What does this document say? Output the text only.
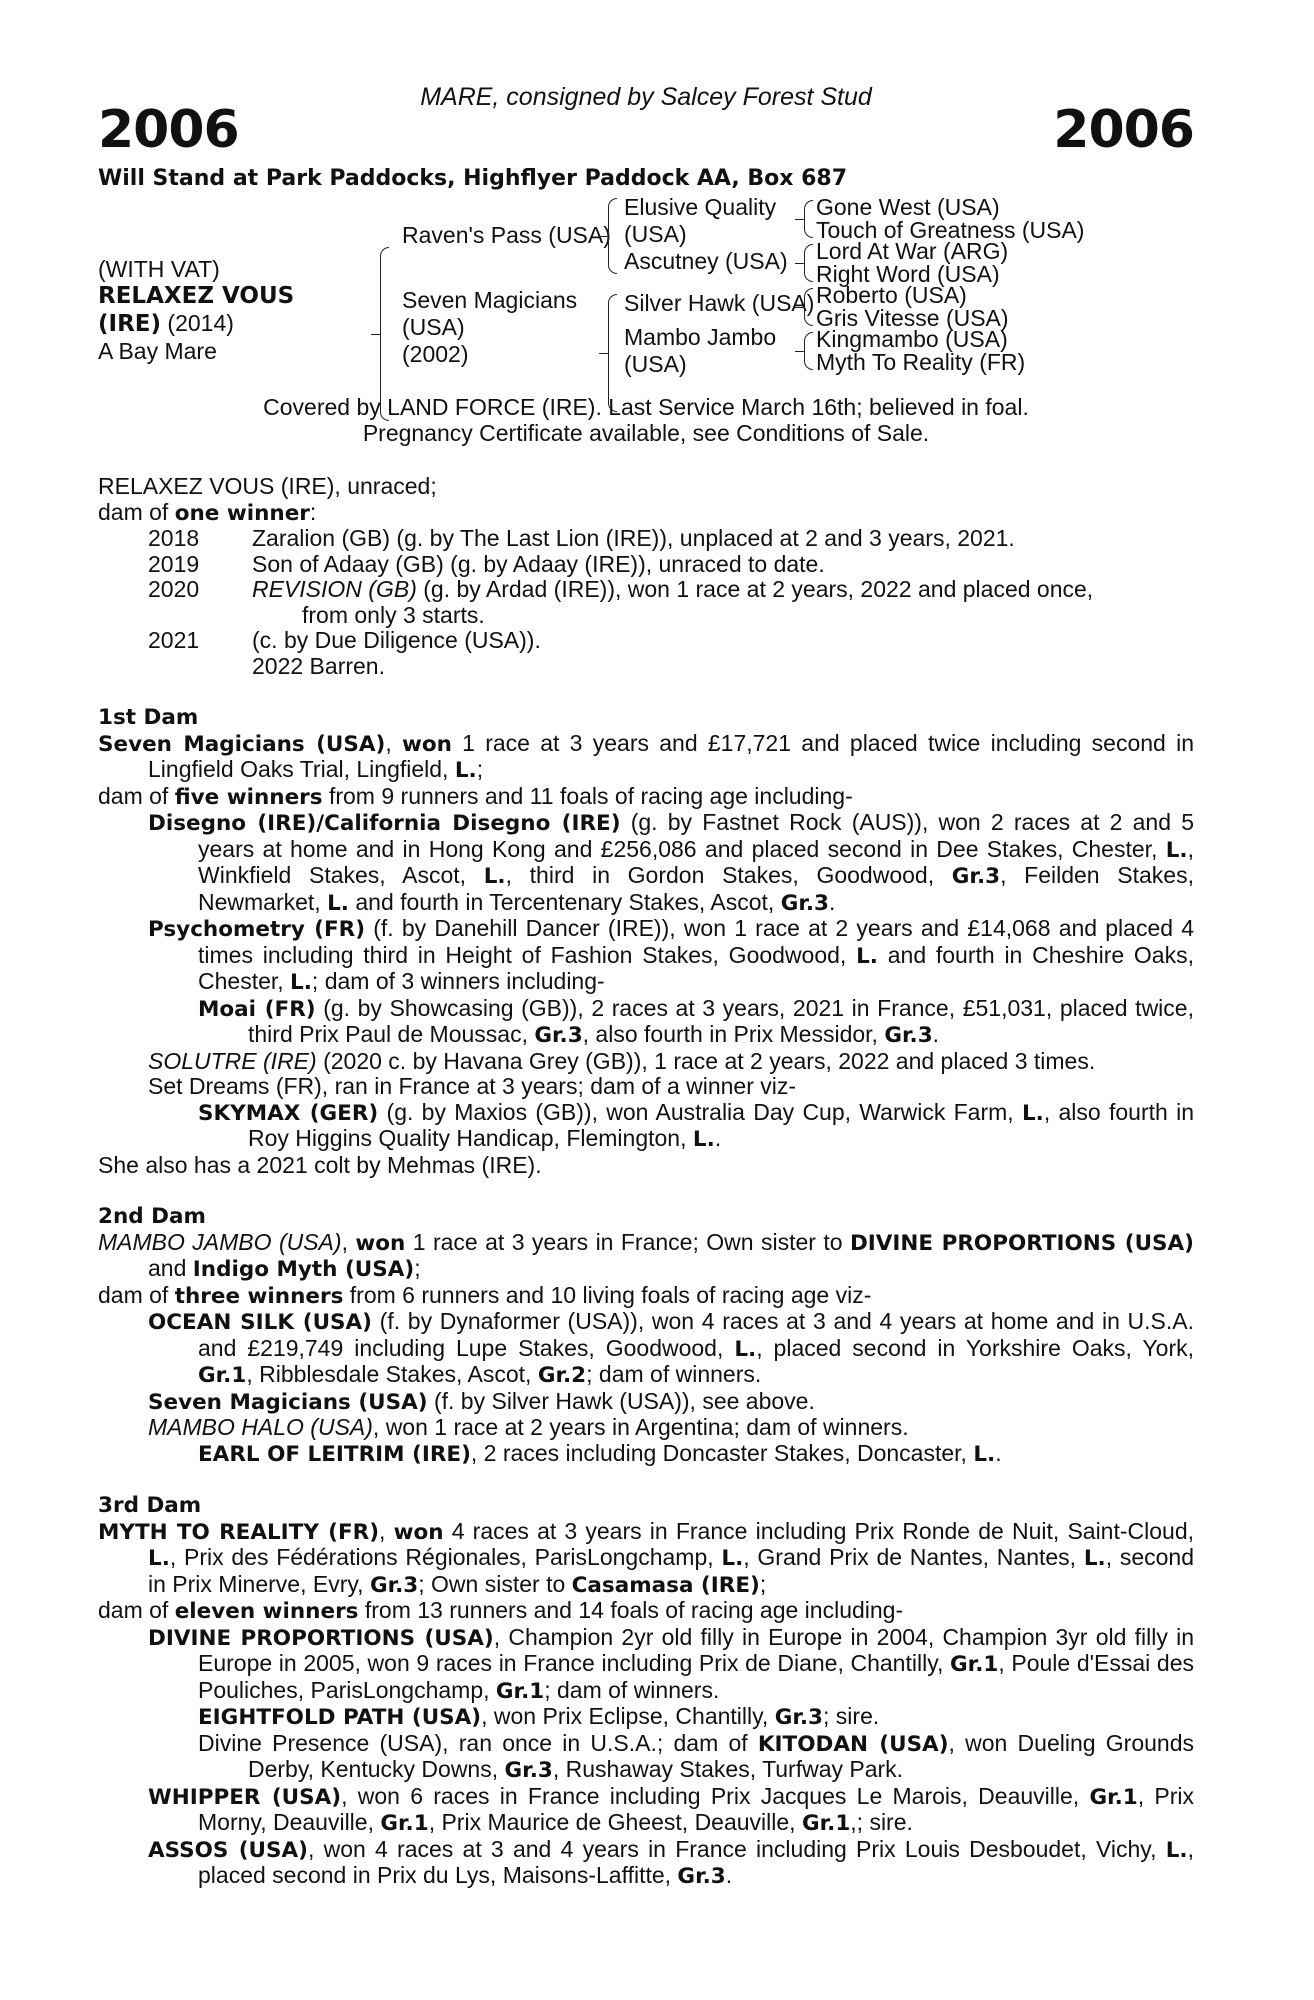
MARE, consigned by Salcey Forest Stud
2006	2006
Will Stand at Park Paddocks, Highflyer Paddock AA, Box 687
(WITH VAT)
RELAXEZ VOUS
(IRE) (2014)
A Bay Mare
Raven's Pass (USA)
Seven Magicians
(USA)
(2002)
Elusive Quality
(USA)
Ascutney (USA)
Silver Hawk (USA)
Mambo Jambo
(USA)
Gone West (USA)
Touch of Greatness (USA)
Lord At War (ARG)
Right Word (USA)
Roberto (USA)
Gris Vitesse (USA)
Kingmambo (USA)
Myth To Reality (FR)
Covered by LAND FORCE (IRE). Last Service March 16th; believed in foal.
Pregnancy Certificate available, see Conditions of Sale.
RELAXEZ VOUS (IRE), unraced;
dam of one winner:
2018	Zaralion (GB) (g. by The Last Lion (IRE)), unplaced at 2 and 3 years, 2021.
2019	Son of Adaay (GB) (g. by Adaay (IRE)), unraced to date.
2020	REVISION (GB) (g. by Ardad (IRE)), won 1 race at 2 years, 2022 and placed once,
from only 3 starts.
2021	(c. by Due Diligence (USA)).
2022 Barren.
1st Dam
Seven Magicians (USA), won 1 race at 3 years and £17,721 and placed twice including second in Lingfield Oaks Trial, Lingfield, L.;
dam of five winners from 9 runners and 11 foals of racing age including-
Disegno (IRE)/California Disegno (IRE) (g. by Fastnet Rock (AUS)), won 2 races at 2 and 5 years at home and in Hong Kong and £256,086 and placed second in Dee Stakes, Chester, L., Winkfield Stakes, Ascot, L., third in Gordon Stakes, Goodwood, Gr.3, Feilden Stakes, Newmarket, L. and fourth in Tercentenary Stakes, Ascot, Gr.3.
Psychometry (FR) (f. by Danehill Dancer (IRE)), won 1 race at 2 years and £14,068 and placed 4 times including third in Height of Fashion Stakes, Goodwood, L. and fourth in Cheshire Oaks, Chester, L.; dam of 3 winners including-
Moai (FR) (g. by Showcasing (GB)), 2 races at 3 years, 2021 in France, £51,031, placed twice, third Prix Paul de Moussac, Gr.3, also fourth in Prix Messidor, Gr.3.
SOLUTRE (IRE) (2020 c. by Havana Grey (GB)), 1 race at 2 years, 2022 and placed 3 times.
Set Dreams (FR), ran in France at 3 years; dam of a winner viz-
SKYMAX (GER) (g. by Maxios (GB)), won Australia Day Cup, Warwick Farm, L., also fourth in Roy Higgins Quality Handicap, Flemington, L..
She also has a 2021 colt by Mehmas (IRE).
2nd Dam
MAMBO JAMBO (USA), won 1 race at 3 years in France; Own sister to DIVINE PROPORTIONS (USA) and Indigo Myth (USA);
dam of three winners from 6 runners and 10 living foals of racing age viz-
OCEAN SILK (USA) (f. by Dynaformer (USA)), won 4 races at 3 and 4 years at home and in U.S.A. and £219,749 including Lupe Stakes, Goodwood, L., placed second in Yorkshire Oaks, York, Gr.1, Ribblesdale Stakes, Ascot, Gr.2; dam of winners.
Seven Magicians (USA) (f. by Silver Hawk (USA)), see above.
MAMBO HALO (USA), won 1 race at 2 years in Argentina; dam of winners.
EARL OF LEITRIM (IRE), 2 races including Doncaster Stakes, Doncaster, L..
3rd Dam
MYTH TO REALITY (FR), won 4 races at 3 years in France including Prix Ronde de Nuit, Saint-Cloud, L., Prix des Fédérations Régionales, ParisLongchamp, L., Grand Prix de Nantes, Nantes, L., second in Prix Minerve, Evry, Gr.3; Own sister to Casamasa (IRE);
dam of eleven winners from 13 runners and 14 foals of racing age including-
DIVINE PROPORTIONS (USA), Champion 2yr old filly in Europe in 2004, Champion 3yr old filly in Europe in 2005, won 9 races in France including Prix de Diane, Chantilly, Gr.1, Poule d'Essai des Pouliches, ParisLongchamp, Gr.1; dam of winners.
EIGHTFOLD PATH (USA), won Prix Eclipse, Chantilly, Gr.3; sire.
Divine Presence (USA), ran once in U.S.A.; dam of KITODAN (USA), won Dueling Grounds Derby, Kentucky Downs, Gr.3, Rushaway Stakes, Turfway Park.
WHIPPER (USA), won 6 races in France including Prix Jacques Le Marois, Deauville, Gr.1, Prix Morny, Deauville, Gr.1, Prix Maurice de Gheest, Deauville, Gr.1,; sire.
ASSOS (USA), won 4 races at 3 and 4 years in France including Prix Louis Desboudet, Vichy, L., placed second in Prix du Lys, Maisons-Laffitte, Gr.3.
